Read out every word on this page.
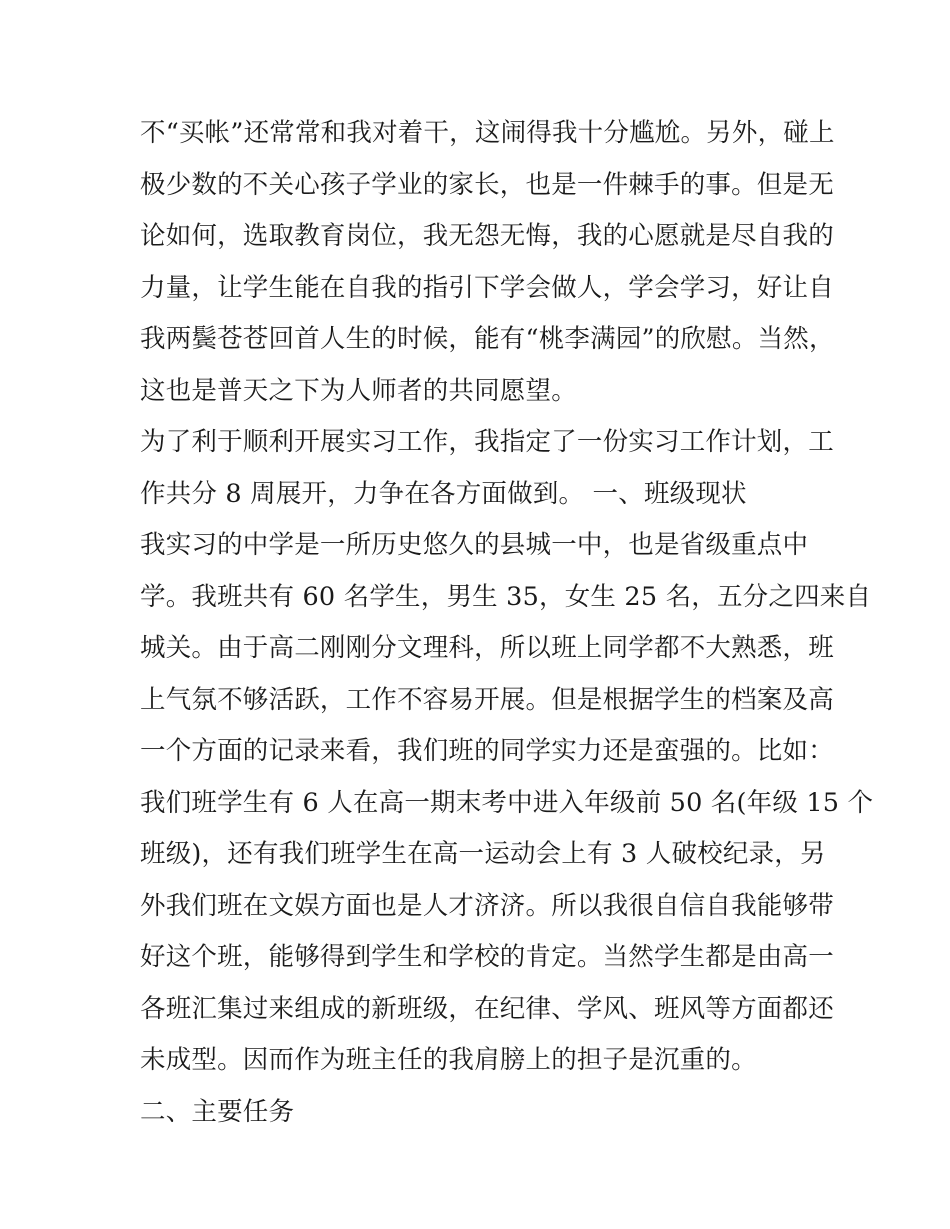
不“买帐”还常常和我对着干，这闹得我十分尴尬。另外，碰上
极少数的不关心孩子学业的家长，也是一件棘手的事。但是无
论如何，选取教育岗位，我无怨无悔，我的心愿就是尽自我的
力量，让学生能在自我的指引下学会做人，学会学习，好让自
我两鬓苍苍回首人生的时候，能有“桃李满园”的欣慰。当然，
这也是普天之下为人师者的共同愿望。
为了利于顺利开展实习工作，我指定了一份实习工作计划，工
作共分 8 周展开，力争在各方面做到。 一、班级现状
我实习的中学是一所历史悠久的县城一中，也是省级重点中
学。我班共有 60 名学生，男生 35，女生 25 名，五分之四来自
城关。由于高二刚刚分文理科，所以班上同学都不大熟悉，班
上气氛不够活跃，工作不容易开展。但是根据学生的档案及高
一个方面的记录来看，我们班的同学实力还是蛮强的。比如：
我们班学生有 6 人在高一期末考中进入年级前 50 名(年级 15 个
班级)，还有我们班学生在高一运动会上有 3 人破校纪录，另
外我们班在文娱方面也是人才济济。所以我很自信自我能够带
好这个班，能够得到学生和学校的肯定。当然学生都是由高一
各班汇集过来组成的新班级，在纪律、学风、班风等方面都还
未成型。因而作为班主任的我肩膀上的担子是沉重的。
二、主要任务
